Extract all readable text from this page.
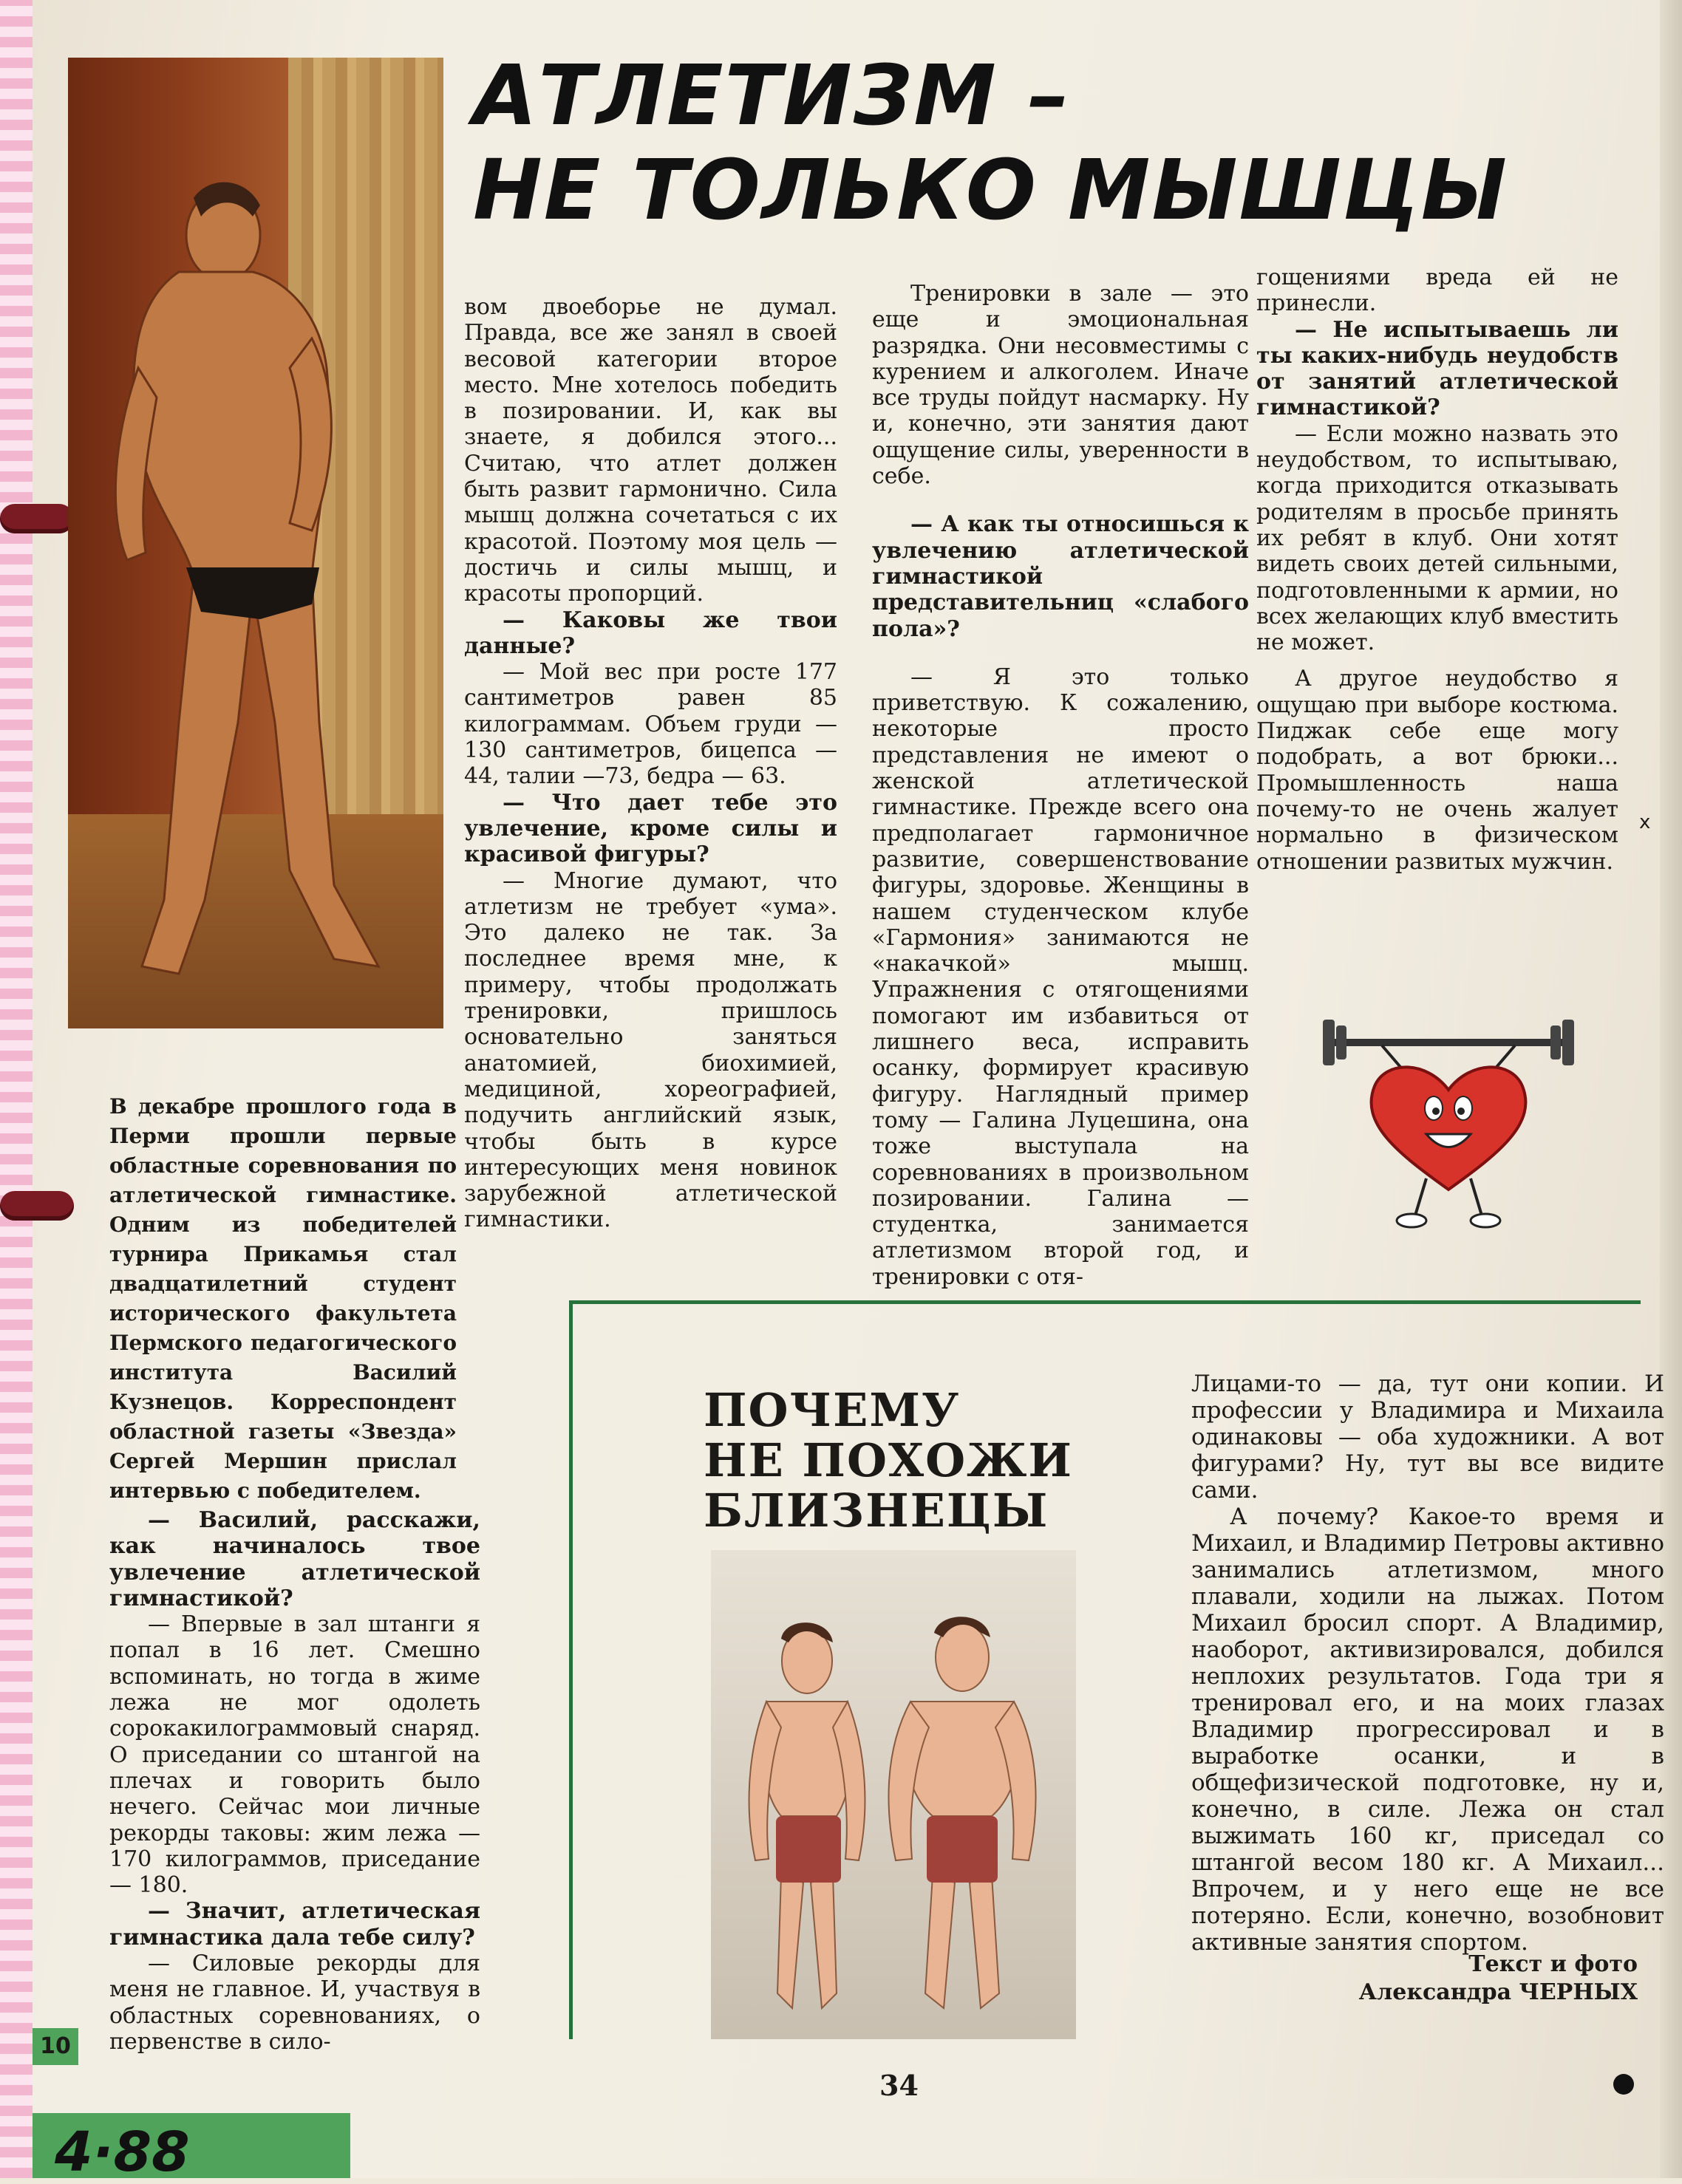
АТЛЕТИЗМ –
НЕ ТОЛЬКО МЫШЦЫ
В декабре прошлого года в Перми прошли первые областные соревнования по атлетической гимнастике. Одним из победителей турнира Прикамья стал двадцатилетний студент исторического факультета Пермского педагогического института Василий Кузнецов. Корреспондент областной газеты «Звезда» Сергей Мершин прислал интервью с победителем.

— Василий, расскажи, как начиналось твое увлечение атлетической гимнастикой?

— Впервые в зал штанги я попал в 16 лет. Смешно вспоминать, но тогда в жиме лежа не мог одолеть сорокакилограммовый снаряд. О приседании со штангой на плечах и говорить было нечего. Сейчас мои личные рекорды таковы: жим лежа — 170 килограммов, приседание — 180.

— Значит, атлетическая гимнастика дала тебе силу?

— Силовые рекорды для меня не главное. И, участвуя в областных соревнованиях, о первенстве в сило-

вом двоеборье не думал. Правда, все же занял в своей весовой категории второе место. Мне хотелось победить в позировании. И, как вы знаете, я добился этого... Считаю, что атлет должен быть развит гармонично. Сила мышц должна сочетаться с их красотой. Поэтому моя цель — достичь и силы мышц, и красоты пропорций.

— Каковы же твои данные?

— Мой вес при росте 177 сантиметров равен 85 килограммам. Объем груди — 130 сантиметров, бицепса — 44, талии —73, бедра — 63.

— Что дает тебе это увлечение, кроме силы и красивой фигуры?

— Многие думают, что атлетизм не требует «ума». Это далеко не так. За последнее время мне, к примеру, чтобы продолжать тренировки, пришлось основательно заняться анатомией, биохимией, медициной, хореографией, подучить английский язык, чтобы быть в курсе интересующих меня новинок зарубежной атлетической гимнастики.

Тренировки в зале — это еще и эмоциональная разрядка. Они несовместимы с курением и алкоголем. Иначе все труды пойдут насмарку. Ну и, конечно, эти занятия дают ощущение силы, уверенности в себе.

— А как ты относишься к увлечению атлетической гимнастикой представительниц «слабого пола»?

— Я это только приветствую. К сожалению, некоторые просто представления не имеют о женской атлетической гимнастике. Прежде всего она предполагает гармоничное развитие, совершенствование фигуры, здоровье. Женщины в нашем студенческом клубе «Гармония» занимаются не «накачкой» мышц. Упражнения с отягощениями помогают им избавиться от лишнего веса, исправить осанку, формирует красивую фигуру. Наглядный пример тому — Галина Луцешина, она тоже выступала на соревнованиях в произвольном позировании. Галина — студентка, занимается атлетизмом второй год, и тренировки с отя-

гощениями вреда ей не принесли.

— Не испытываешь ли ты каких-нибудь неудобств от занятий атлетической гимнастикой?

— Если можно назвать это неудобством, то испытываю, когда приходится отказывать родителям в просьбе принять их ребят в клуб. Они хотят видеть своих детей сильными, подготовленными к армии, но всех желающих клуб вместить не может.

А другое неудобство я ощущаю при выборе костюма. Пиджак себе еще могу подобрать, а вот брюки... Промышленность наша почему-то не очень жалует нормально в физическом отношении развитых мужчин.

х
ПОЧЕМУ
НЕ ПОХОЖИ
БЛИЗНЕЦЫ

Лицами-то — да, тут они копии. И профессии у Владимира и Михаила одинаковы — оба художники. А вот фигурами? Ну, тут вы все видите сами.

А почему? Какое-то время и Михаил, и Владимир Петровы активно занимались атлетизмом, много плавали, ходили на лыжах. Потом Михаил бросил спорт. А Владимир, наоборот, активизировался, добился неплохих результатов. Года три я тренировал его, и на моих глазах Владимир прогрессировал и в выработке осанки, и в общефизической подготовке, ну и, конечно, в силе. Лежа он стал выжимать 160 кг, приседал со штангой весом 180 кг. А Михаил... Впрочем, и у него еще не все потеряно. Если, конечно, возобновит активные занятия спортом.

Текст и фото
Александра ЧЕРНЫХ
34
10
4·88
